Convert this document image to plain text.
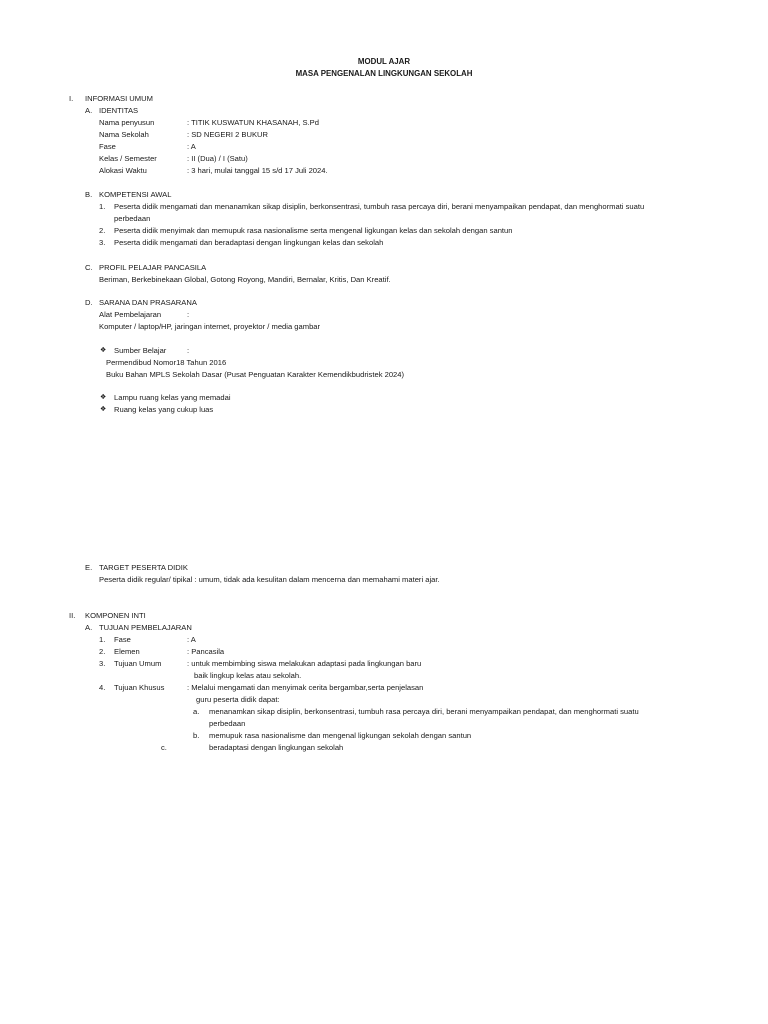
MODUL AJAR
MASA PENGENALAN LINGKUNGAN SEKOLAH
I. INFORMASI UMUM
A. IDENTITAS
Nama penyusun	: TITIK KUSWATUN KHASANAH, S.Pd
Nama Sekolah	: SD NEGERI 2 BUKUR
Fase	: A
Kelas / Semester	: II (Dua) / I (Satu)
Alokasi Waktu	: 3 hari, mulai tanggal 15 s/d 17 Juli 2024.
B. KOMPETENSI AWAL
1. Peserta didik mengamati dan menanamkan sikap disiplin, berkonsentrasi, tumbuh rasa percaya diri, berani menyampaikan pendapat, dan menghormati suatu
perbedaan
2. Peserta didik menyimak dan memupuk rasa nasionalisme serta mengenal ligkungan kelas dan sekolah dengan santun
3. Peserta didik mengamati dan beradaptasi dengan lingkungan kelas dan sekolah
C. PROFIL PELAJAR PANCASILA
Beriman, Berkebinekaan Global, Gotong Royong, Mandiri, Bernalar, Kritis, Dan Kreatif.
D. SARANA DAN PRASARANA
Alat Pembelajaran	:
Komputer / laptop/HP, jaringan internet, proyektor / media gambar
❖ Sumber Belajar	:
Permendibud Nomor18 Tahun 2016
Buku Bahan MPLS Sekolah Dasar (Pusat Penguatan Karakter Kemendikbudristek 2024)
❖ Lampu ruang kelas yang memadai
❖ Ruang kelas yang cukup luas
E. TARGET PESERTA DIDIK
Peserta didik regular/ tipikal : umum, tidak ada kesulitan dalam mencerna dan memahami materi ajar.
II. KOMPONEN INTI
A. TUJUAN PEMBELAJARAN
1. Fase	: A
2. Elemen	: Pancasila
3. Tujuan Umum	: untuk membimbing siswa melakukan adaptasi pada lingkungan baru
baik lingkup kelas atau sekolah.
4. Tujuan Khusus	: Melalui mengamati dan menyimak cerita bergambar,serta penjelasan
guru peserta didik dapat:
a. menanamkan sikap disiplin, berkonsentrasi, tumbuh rasa percaya diri, berani menyampaikan pendapat, dan menghormati suatu
perbedaan
b. memupuk rasa nasionalisme dan mengenal ligkungan sekolah dengan santun
c.	beradaptasi dengan lingkungan sekolah
